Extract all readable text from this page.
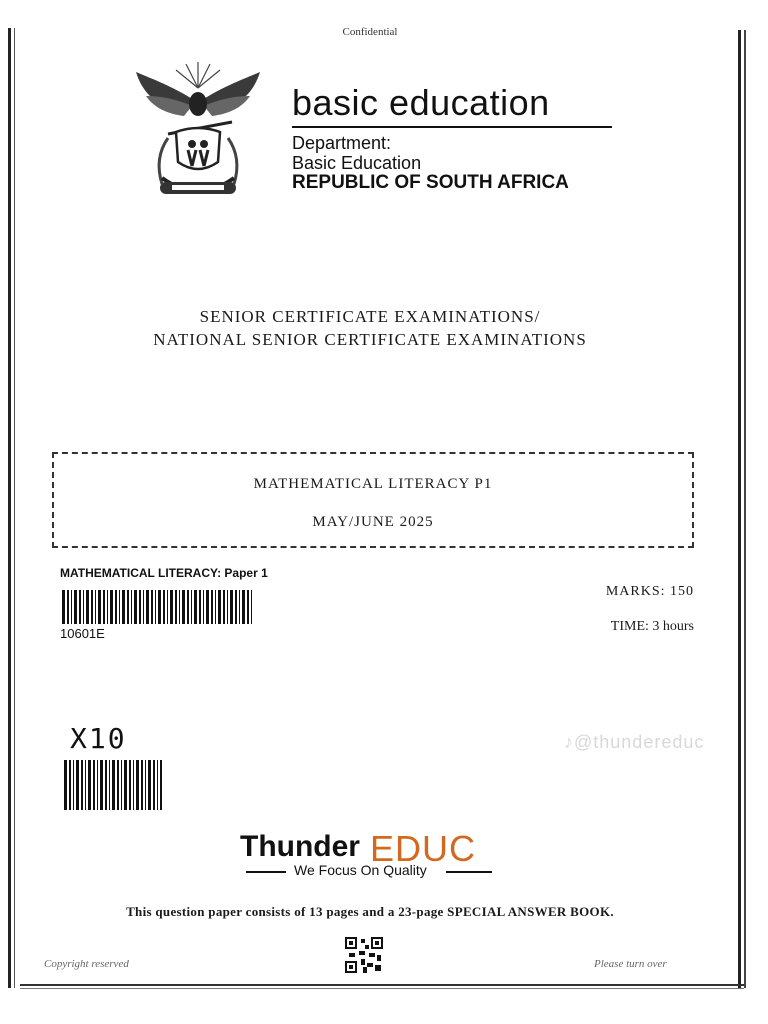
Confidential
basic education
Department:
Basic Education
REPUBLIC OF SOUTH AFRICA
SENIOR CERTIFICATE EXAMINATIONS/
NATIONAL SENIOR CERTIFICATE EXAMINATIONS
MATHEMATICAL LITERACY P1
MAY/JUNE 2025
MATHEMATICAL LITERACY: Paper 1
10601E
MARKS: 150
TIME: 3 hours
X10	♪@thundereduc
Thunder EDUC
We Focus On Quality
This question paper consists of 13 pages and a 23-page SPECIAL ANSWER BOOK.
Copyright reserved	Please turn over
